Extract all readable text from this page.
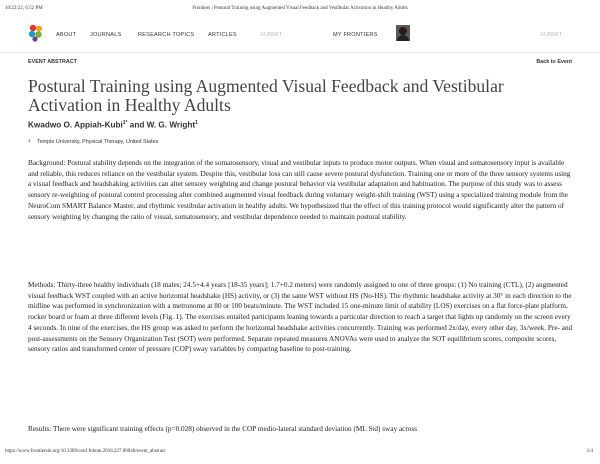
10/22/22, 6:52 PM	Frontiers | Postural Training using Augmented Visual Feedback and Vestibular Activation in Healthy Adults
ABOUT JOURNALS	RESEARCH TOPICS ARTICLES	SUBMIT	MY FRONTIERS	SUBMIT
EVENT ABSTRACT	Back to Event
Postural Training using Augmented Visual Feedback and Vestibular Activation in Healthy Adults
Kwadwo O. Appiah-Kubi$^{1*}$ and W. G. Wright$^1$
1 Temple University, Physical Therapy, United States

Background: Postural stability depends on the integration of the somatosensory, visual and vestibular inputs to produce motor outputs. When visual and somatosensory input is available and reliable, this reduces reliance on the vestibular system. Despite this, vestibular loss can still cause severe postural dysfunction. Training one or more of the three sensory systems using a visual feedback and headshaking activities can alter sensory weighting and change postural behavior via vestibular adaptation and habituation. The purpose of this study was to assess sensory re-weighting of postural control processing after combined augmented visual feedback during voluntary weight-shift training (WST) using a specialized training module from the NeuroCom SMART Balance Master, and rhythmic vestibular activation in healthy adults. We hypothesized that the effect of this training protocol would significantly alter the pattern of sensory weighting by changing the ratio of visual, somatosensory, and vestibular dependence needed to maintain postural stability.

Methods: Thirty-three healthy individuals (18 males; 24.5+4.4 years [18-35 years]; 1.7+0.2 meters) were randomly assigned to one of three groups: (1) No training (CTL), (2) augmented visual feedback WST coupled with an active horizontal headshake (HS) activity, or (3) the same WST without HS (No-HS). The rhythmic headshake activity at 30° in each direction to the midline was performed in synchronization with a metronome at 80 or 100 beats/minute. The WST included 15 one-minute limit of stability (LOS) exercises on a flat force-plate platform, rocker board or foam at three different levels (Fig. 1). The exercises entailed participants leaning towards a particular direction to reach a target that lights up randomly on the screen every 4 seconds. In nine of the exercises, the HS group was asked to perform the horizontal headshake activities concurrently. Training was performed 2x/day, every other day, 3x/week. Pre- and post-assessments on the Sensory Organization Test (SOT) were performed. Separate repeated measures ANOVAs were used to analyze the SOT equilibrium scores, composite scores, sensory ratios and transformed center of pressure (COP) sway variables by comparing baseline to post-training.

Results: There were significant training effects (p=0.028) observed in the COP medio-lateral standard deviation (ML Std) sway across

https://www.frontiersin.org/10.3389/conf.fnhum.2018.227.00046/event_abstract	1/4
